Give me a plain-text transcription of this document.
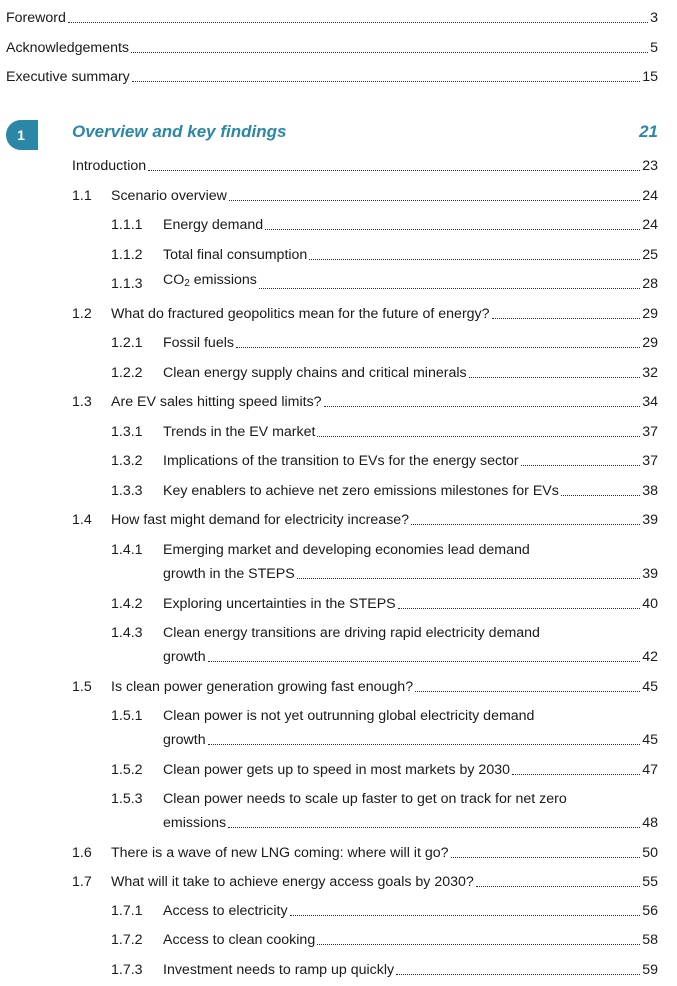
Foreword	3
Acknowledgements	5
Executive summary	15
1	Overview and key findings	21
Introduction	23
1.1 Scenario overview	24
1.1.1 Energy demand	24
1.1.2 Total final consumption	25
1.1.3 $CO_2$ emissions	28
1.2 What do fractured geopolitics mean for the future of energy?	29
1.2.1 Fossil fuels	29
1.2.2 Clean energy supply chains and critical minerals	32
1.3 Are EV sales hitting speed limits?	34
1.3.1 Trends in the EV market	37
1.3.2 Implications of the transition to EVs for the energy sector	37
1.3.3 Key enablers to achieve net zero emissions milestones for EVs	38
1.4 How fast might demand for electricity increase?	39
1.4.1 Emerging market and developing economies lead demand
growth in the STEPS	39
1.4.2 Exploring uncertainties in the STEPS	40
1.4.3 Clean energy transitions are driving rapid electricity demand
growth	42
1.5 Is clean power generation growing fast enough?	45
1.5.1 Clean power is not yet outrunning global electricity demand
growth	45
1.5.2 Clean power gets up to speed in most markets by 2030	47
1.5.3 Clean power needs to scale up faster to get on track for net zero
emissions	48
1.6 There is a wave of new LNG coming: where will it go?	50
1.7 What will it take to achieve energy access goals by 2030?	55
1.7.1 Access to electricity	56
1.7.2 Access to clean cooking	58
1.7.3 Investment needs to ramp up quickly	59
